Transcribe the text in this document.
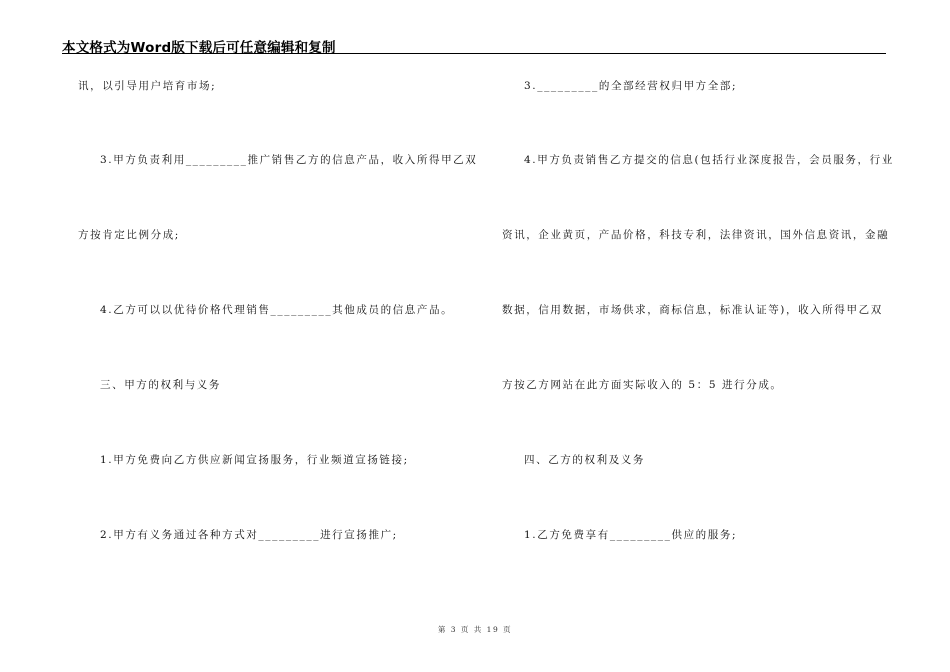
本文格式为Word版下载后可任意编辑和复制
讯，以引导用户培育市场;
3.甲方负责利用_________推广销售乙方的信息产品，收入所得甲乙双
方按肯定比例分成;
4.乙方可以以优待价格代理销售_________其他成员的信息产品。
三、甲方的权利与义务
1.甲方免费向乙方供应新闻宣扬服务，行业频道宣扬链接;
2.甲方有义务通过各种方式对_________进行宣扬推广;
3._________的全部经营权归甲方全部;
4.甲方负责销售乙方提交的信息(包括行业深度报告，会员服务，行业
资讯，企业黄页，产品价格，科技专利，法律资讯，国外信息资讯，金融
数据，信用数据，市场供求，商标信息，标准认证等)，收入所得甲乙双
方按乙方网站在此方面实际收入的 5：5 进行分成。
四、乙方的权利及义务
1.乙方免费享有_________供应的服务;
第 3 页 共 19 页
